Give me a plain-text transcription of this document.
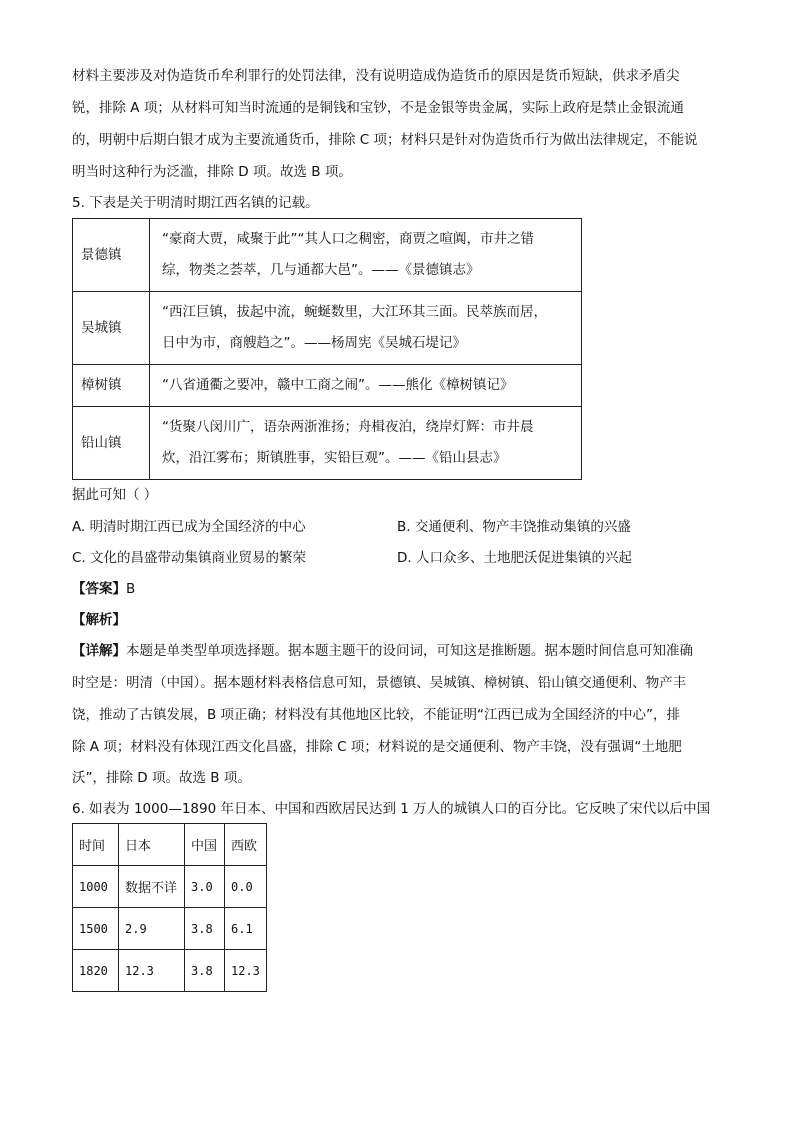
材料主要涉及对伪造货币牟利罪行的处罚法律，没有说明造成伪造货币的原因是货币短缺，供求矛盾尖
锐，排除 A 项；从材料可知当时流通的是铜钱和宝钞，不是金银等贵金属，实际上政府是禁止金银流通
的，明朝中后期白银才成为主要流通货币，排除 C 项；材料只是针对伪造货币行为做出法律规定，不能说
明当时这种行为泛滥，排除 D 项。故选 B 项。
5. 下表是关于明清时期江西名镇的记载。
景德镇	“豪商大贾，咸聚于此”“其人口之稠密，商贾之喧阗，市井之错
综，物类之荟萃，几与通都大邑”。——《景德镇志》

吴城镇	“西江巨镇，拔起中流，蜿蜒数里，大江环其三面。民萃族而居，
日中为市，商艘趋之”。——杨周宪《吴城石堤记》

樟树镇	“八省通衢之要冲，赣中工商之闹”。——熊化《樟树镇记》

铅山镇	“货聚八闵川广，语杂两浙淮扬；舟楫夜泊，绕岸灯辉：市井晨
炊，沿江雾布；斯镇胜事，实铅巨观”。——《铅山县志》
据此可知（ ）
A. 明清时期江西已成为全国经济的中心	B. 交通便利、物产丰饶推动集镇的兴盛
C. 文化的昌盛带动集镇商业贸易的繁荣	D. 人口众多、土地肥沃促进集镇的兴起
【答案】B
【解析】
【详解】本题是单类型单项选择题。据本题主题干的设问词，可知这是推断题。据本题时间信息可知准确
时空是：明清（中国）。据本题材料表格信息可知，景德镇、吴城镇、樟树镇、铅山镇交通便利、物产丰
饶，推动了古镇发展，B 项正确；材料没有其他地区比较，不能证明“江西已成为全国经济的中心”，排
除 A 项；材料没有体现江西文化昌盛，排除 C 项；材料说的是交通便利、物产丰饶，没有强调“土地肥
沃”，排除 D 项。故选 B 项。
6. 如表为 1000—1890 年日本、中国和西欧居民达到 1 万人的城镇人口的百分比。它反映了宋代以后中国
时间	日本	中国	西欧
1000	数据不详	3.0	0.0
1500	2.9	3.8	6.1
1820	12.3	3.8	12.3
